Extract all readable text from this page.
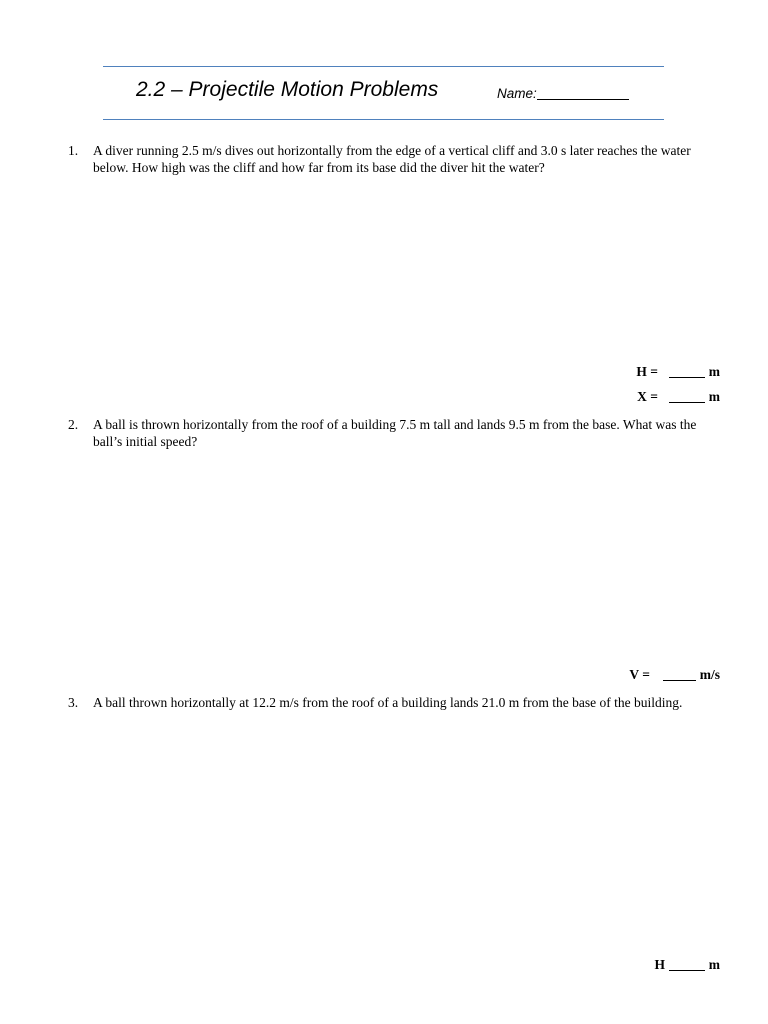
2.2 – Projectile Motion Problems	Name:
1. A diver running 2.5 m/s dives out horizontally from the edge of a vertical cliff and 3.0 s later reaches the water below. How high was the cliff and how far from its base did the diver hit the water?
H =	m
X =	m
2. A ball is thrown horizontally from the roof of a building 7.5 m tall and lands 9.5 m from the base. What was the ball’s initial speed?
V =	m/s
3. A ball thrown horizontally at 12.2 m/s from the roof of a building lands 21.0 m from the base of the building.
H	m
